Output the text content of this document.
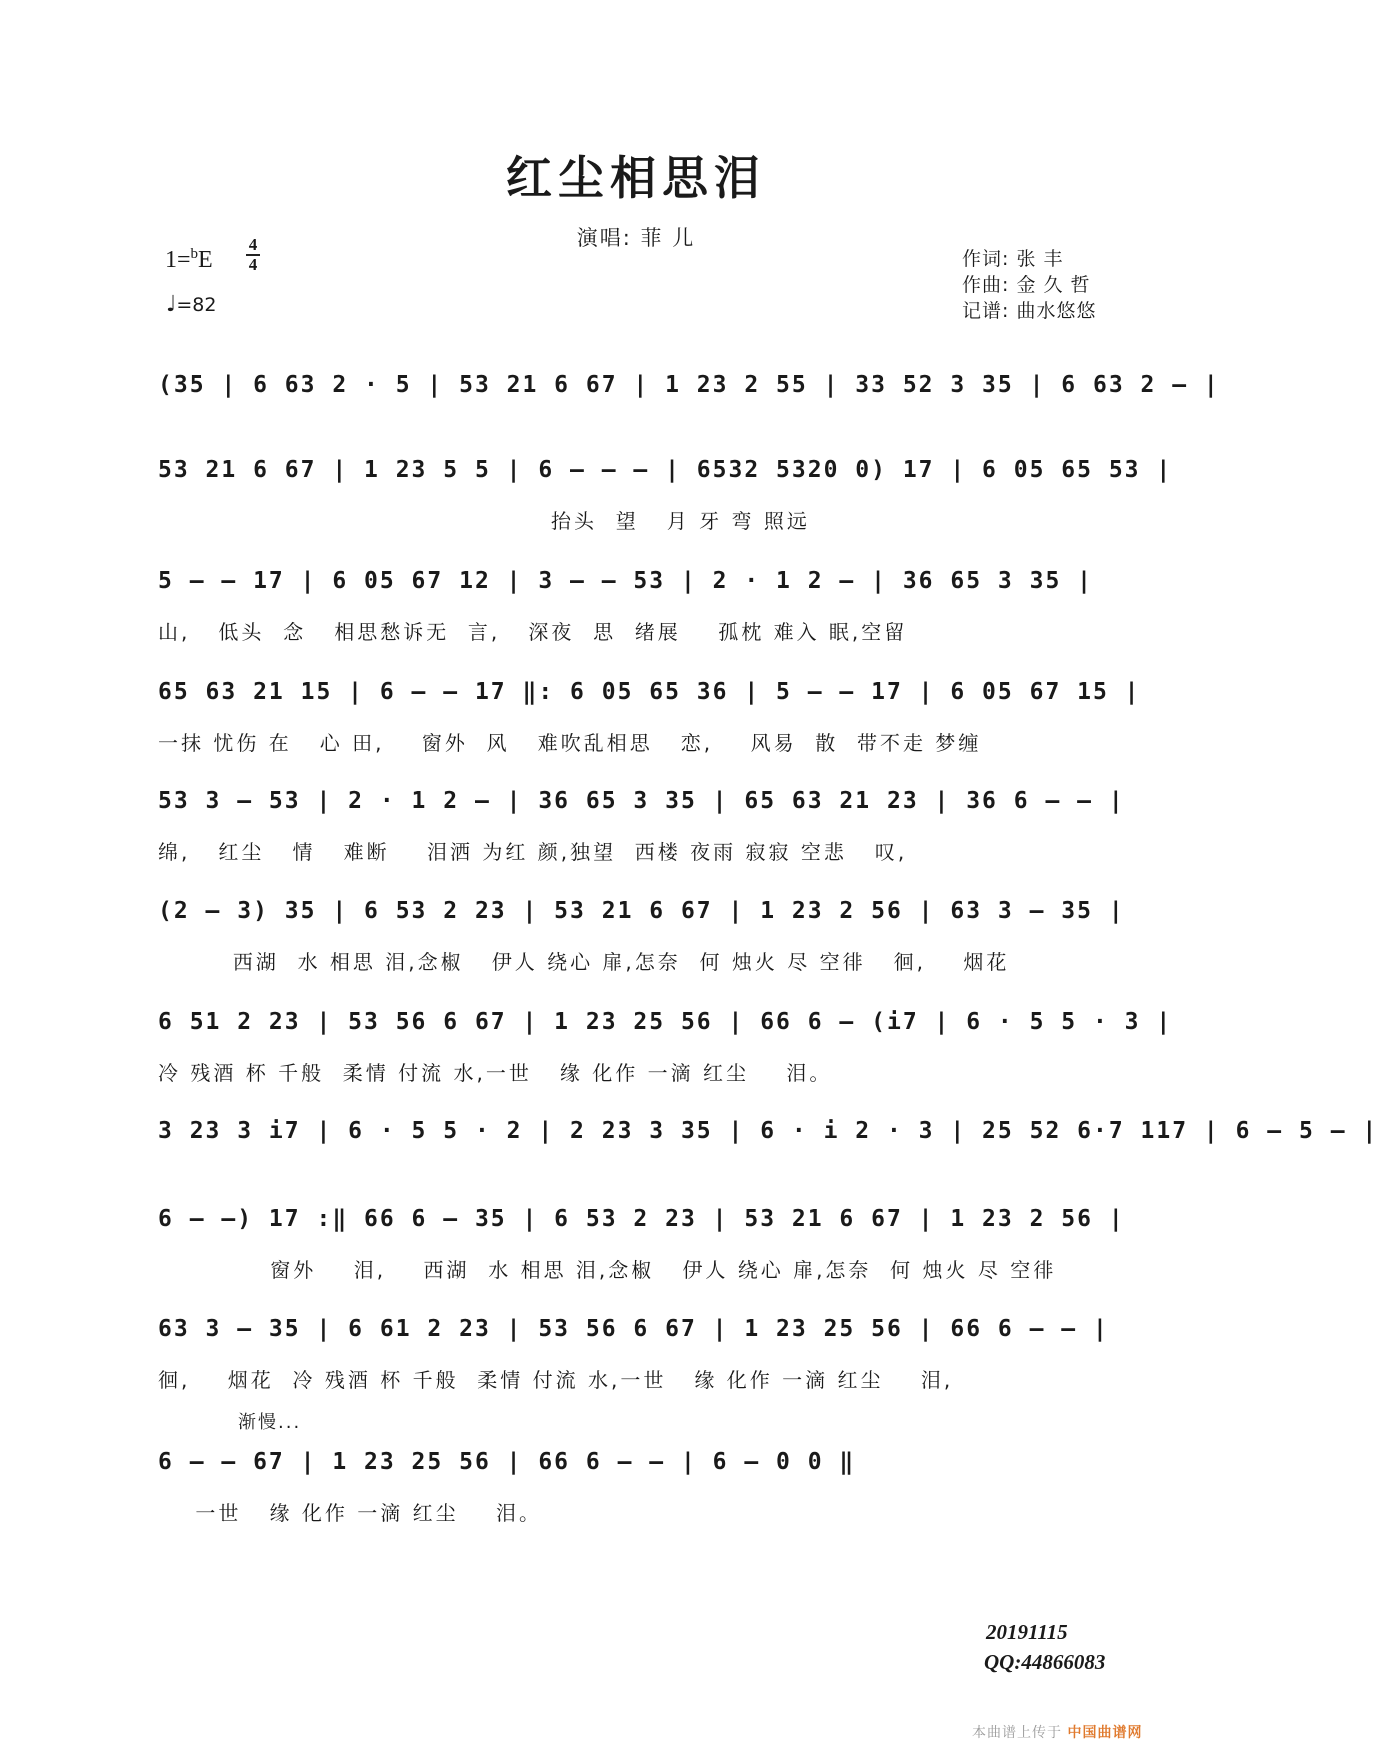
红尘相思泪
演唱: 菲 儿
1=$^b$E
4
4
♩=82
作词: 张 丰
作曲: 金 久 哲
记谱: 曲水悠悠
(35 | 6 63 2 · 5 | 53 21 6 67 | 1 23 2 55 | 33 52 3 35 | 6 63 2 – |
53 21 6 67 | 1 23 5 5 | 6 – – – | 6532 5320 0) 17 | 6 05 65 53 |
抬头  望   月 牙 弯 照远
5 – – 17 | 6 05 67 12 | 3 – – 53 | 2 · 1 2 – | 36 65 3 35 |
山,   低头  念   相思愁诉无  言,   深夜  思  绪展    孤枕 难入 眠,空留
65 63 21 15 | 6 – – 17 ‖: 6 05 65 36 | 5 – – 17 | 6 05 67 15 |
一抹 忧伤 在   心 田,    窗外  风   难吹乱相思   恋,    风易  散  带不走 梦缠
53 3 – 53 | 2 · 1 2 – | 36 65 3 35 | 65 63 21 23 | 36 6 – – |
绵,   红尘   情   难断    泪洒 为红 颜,独望  西楼 夜雨 寂寂 空悲   叹,
(2 – 3) 35 | 6 53 2 23 | 53 21 6 67 | 1 23 2 56 | 63 3 – 35 |
西湖  水 相思 泪,念椒   伊人 绕心 扉,怎奈  何 烛火 尽 空徘   徊,    烟花
6 51 2 23 | 53 56 6 67 | 1 23 25 56 | 66 6 – (i7 | 6 · 5 5 · 3 |
冷 残酒 杯 千般  柔情 付流 水,一世   缘 化作 一滴 红尘    泪。
3 23 3 i7 | 6 · 5 5 · 2 | 2 23 3 35 | 6 · i 2 · 3 | 25 52 6·7 117 | 6 – 5 – |
6 – –) 17 :‖ 66 6 – 35 | 6 53 2 23 | 53 21 6 67 | 1 23 2 56 |
窗外    泪,    西湖  水 相思 泪,念椒   伊人 绕心 扉,怎奈  何 烛火 尽 空徘
63 3 – 35 | 6 61 2 23 | 53 56 6 67 | 1 23 25 56 | 66 6 – – |
徊,    烟花  冷 残酒 杯 千般  柔情 付流 水,一世   缘 化作 一滴 红尘    泪,
渐慢...
6 – – 67 | 1 23 25 56 | 66 6 – – | 6 – 0 0 ‖
一世   缘 化作 一滴 红尘    泪。
20191115
QQ:44866083
本曲谱上传于 中国曲谱网
